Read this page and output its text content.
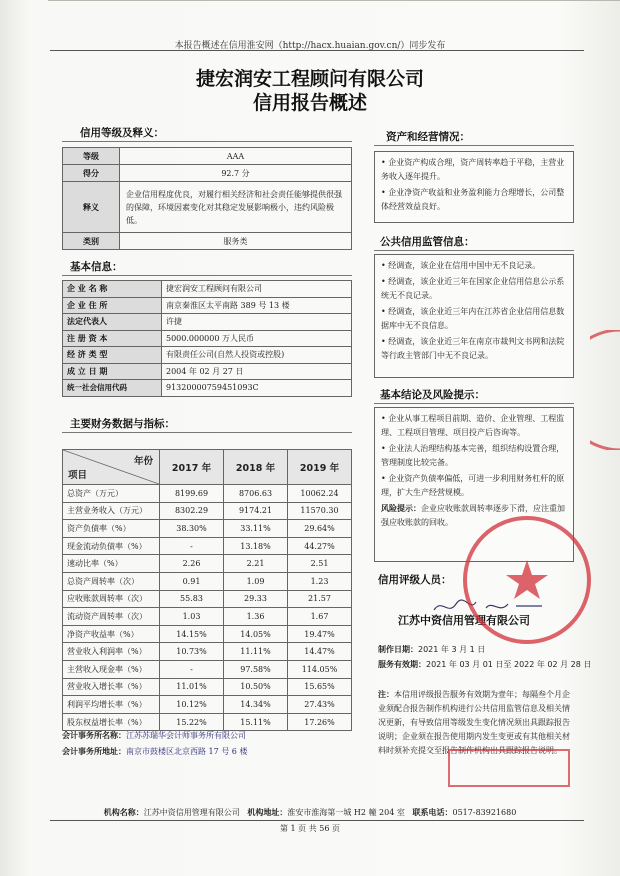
本报告概述在信用淮安网（http://hacx.huaian.gov.cn/）同步发布
捷宏润安工程顾问有限公司
信用报告概述
信用等级及释义：
等级	AAA
得分	92.7 分
释义	企业信用程度优良，对履行相关经济和社会责任能够提供很强的保障，环境因素变化对其稳定发展影响极小，违约风险极低。
类别	服务类
基本信息：
企 业 名 称	捷宏润安工程顾问有限公司
企 业 住 所	南京秦淮区太平南路 389 号 13 楼
法定代表人	许捷
注 册 资 本	5000.000000 万人民币
经 济 类 型	有限责任公司(自然人投资或控股)
成 立 日 期	2004 年 02 月 27 日
统一社会信用代码	91320000759451093C
主要财务数据与指标：
年份
项目	2017 年	2018 年	2019 年
总资产（万元）	8199.69	8706.63	10062.24
主营业务收入（万元）	8302.29	9174.21	11570.30
资产负债率（%）	38.30%	33.11%	29.64%
现金流动负债率（%）	-	13.18%	44.27%
速动比率（%）	2.26	2.21	2.51
总资产周转率（次）	0.91	1.09	1.23
应收账款周转率（次）	55.83	29.33	21.57
流动资产周转率（次）	1.03	1.36	1.67
净资产收益率（%）	14.15%	14.05%	19.47%
营业收入利润率（%）	10.73%	11.11%	14.47%
主营收入现金率（%）	-	97.58%	114.05%
营业收入增长率（%）	11.01%	10.50%	15.65%
利润平均增长率（%）	10.12%	14.34%	27.43%
股东权益增长率（%）	15.22%	15.11%	17.26%
会计事务所名称：江苏苏瑞华会计师事务所有限公司
会计事务所地址：南京市鼓楼区北京西路 17 号 6 楼
资产和经营情况：

• 企业资产构成合理，资产周转率趋于平稳，主营业务收入逐年提升。

• 企业净资产收益和业务盈利能力合理增长，公司整体经营效益良好。

公共信用监管信息：

• 经调查，该企业在信用中国中无不良记录。

• 经调查，该企业近三年在国家企业信用信息公示系统无不良记录。

• 经调查，该企业近三年内在江苏省企业信用信息数据库中无不良信息。

• 经调查，该企业近三年在南京市裁判文书网和法院等行政主管部门中无不良记录。

基本结论及风险提示：

• 企业从事工程项目前期、造价、企业管理、工程监理、工程项目管理、项目投产后咨询等。

• 企业法人治理结构基本完善，组织结构设置合理，管理制度比较完备。

• 企业资产负债率偏低，可进一步利用财务杠杆的原理，扩大生产经营规模。

风险提示：企业应收账款周转率逐步下滑，应注重加强应收账款的回收。

信用评级人员：
江苏中资信用管理有限公司
制作日期：2021 年 3 月 1 日
服务有效期：2021 年 03 月 01 日至 2022 年 02 月 28 日
注：本信用评级报告服务有效期为壹年；每隔叁个月企业须配合报告制作机构进行公共信用监管信息及相关情况更新，有导致信用等级发生变化情况须出具跟踪报告说明；企业须在报告使用期内发生变更或有其他相关材料时须补充提交至报告制作机构出具跟踪报告说明。
机构名称：江苏中资信用管理有限公司 机构地址：淮安市淮海第一城 H2 幢 204 室 联系电话：0517-83921680
第 1 页 共 56 页
